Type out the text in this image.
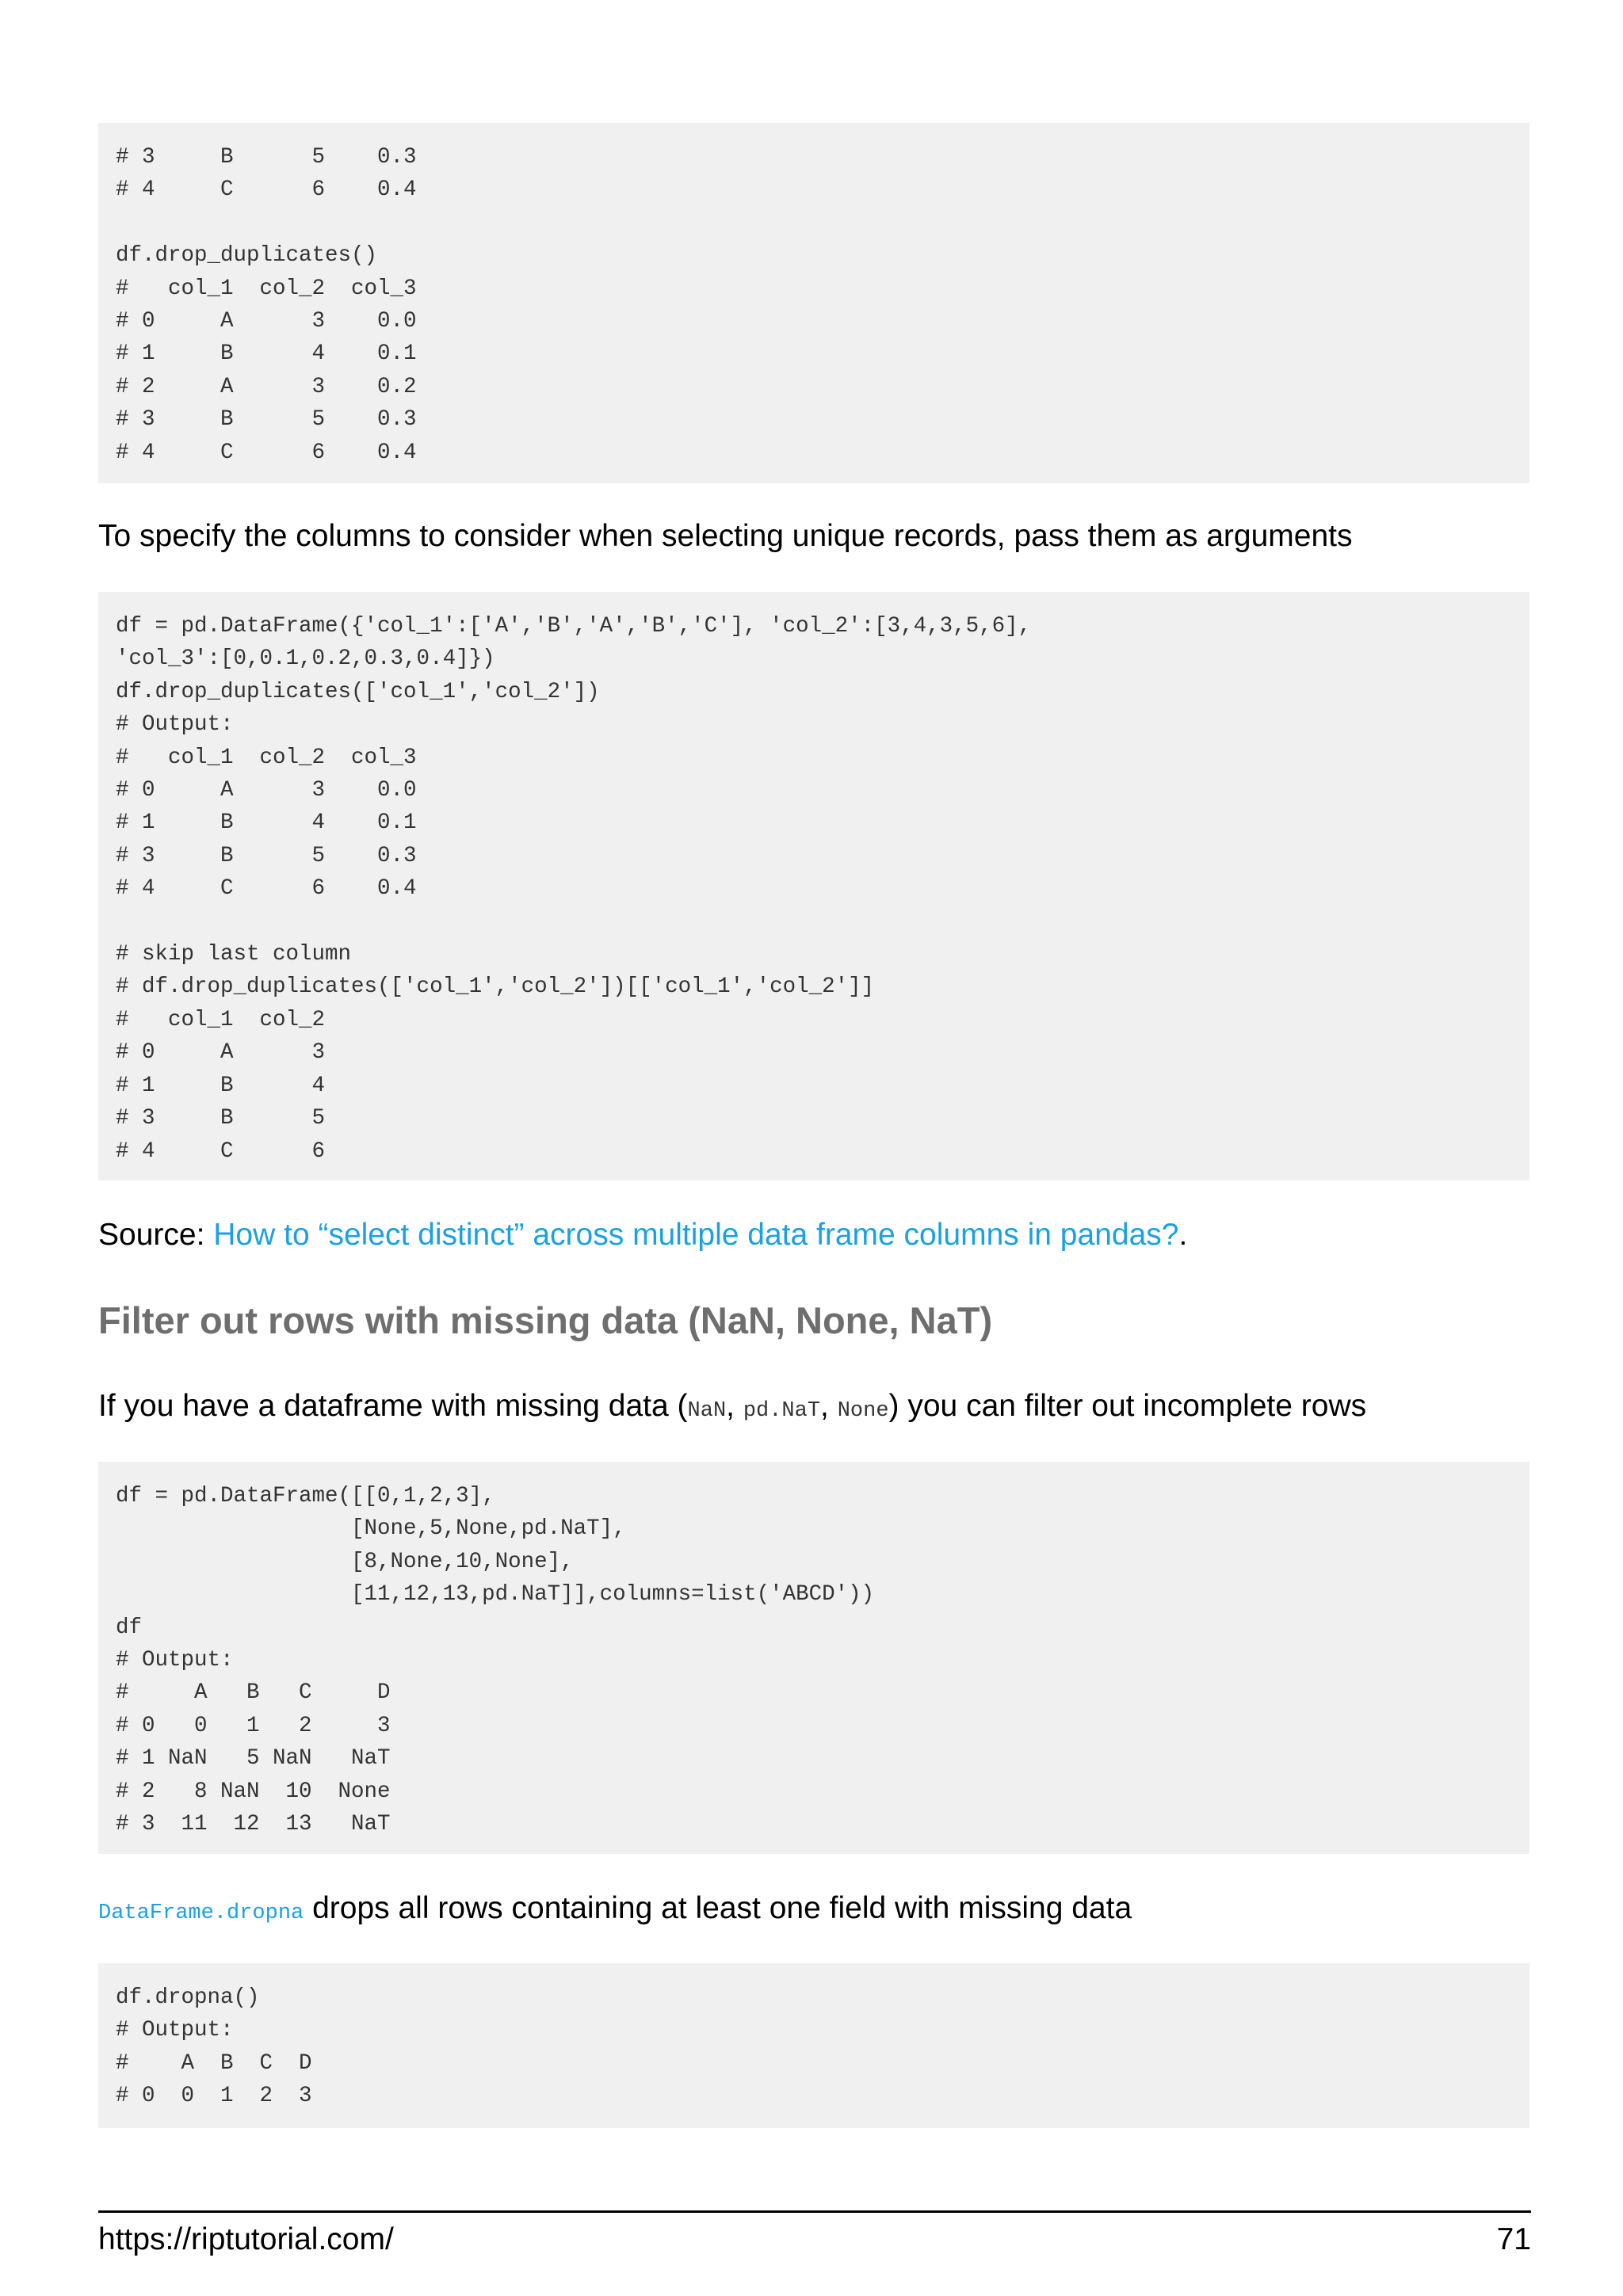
# 3     B      5    0.3
# 4     C      6    0.4

df.drop_duplicates()
#   col_1  col_2  col_3
# 0     A      3    0.0
# 1     B      4    0.1
# 2     A      3    0.2
# 3     B      5    0.3
# 4     C      6    0.4

To specify the columns to consider when selecting unique records, pass them as arguments

df = pd.DataFrame({'col_1':['A','B','A','B','C'], 'col_2':[3,4,3,5,6],
'col_3':[0,0.1,0.2,0.3,0.4]})
df.drop_duplicates(['col_1','col_2'])
# Output:
#   col_1  col_2  col_3
# 0     A      3    0.0
# 1     B      4    0.1
# 3     B      5    0.3
# 4     C      6    0.4

# skip last column
# df.drop_duplicates(['col_1','col_2'])[['col_1','col_2']]
#   col_1  col_2
# 0     A      3
# 1     B      4
# 3     B      5
# 4     C      6

Source: How to “select distinct” across multiple data frame columns in pandas?.

Filter out rows with missing data (NaN, None, NaT)

If you have a dataframe with missing data (NaN, pd.NaT, None) you can filter out incomplete rows

df = pd.DataFrame([[0,1,2,3],
[None,5,None,pd.NaT],
[8,None,10,None],
[11,12,13,pd.NaT]],columns=list('ABCD'))
df
# Output:
#     A   B   C     D
# 0   0   1   2     3
# 1 NaN   5 NaN   NaT
# 2   8 NaN  10  None
# 3  11  12  13   NaT

DataFrame.dropna drops all rows containing at least one field with missing data

df.dropna()
# Output:
#    A  B  C  D
# 0  0  1  2  3
https://riptutorial.com/	71
